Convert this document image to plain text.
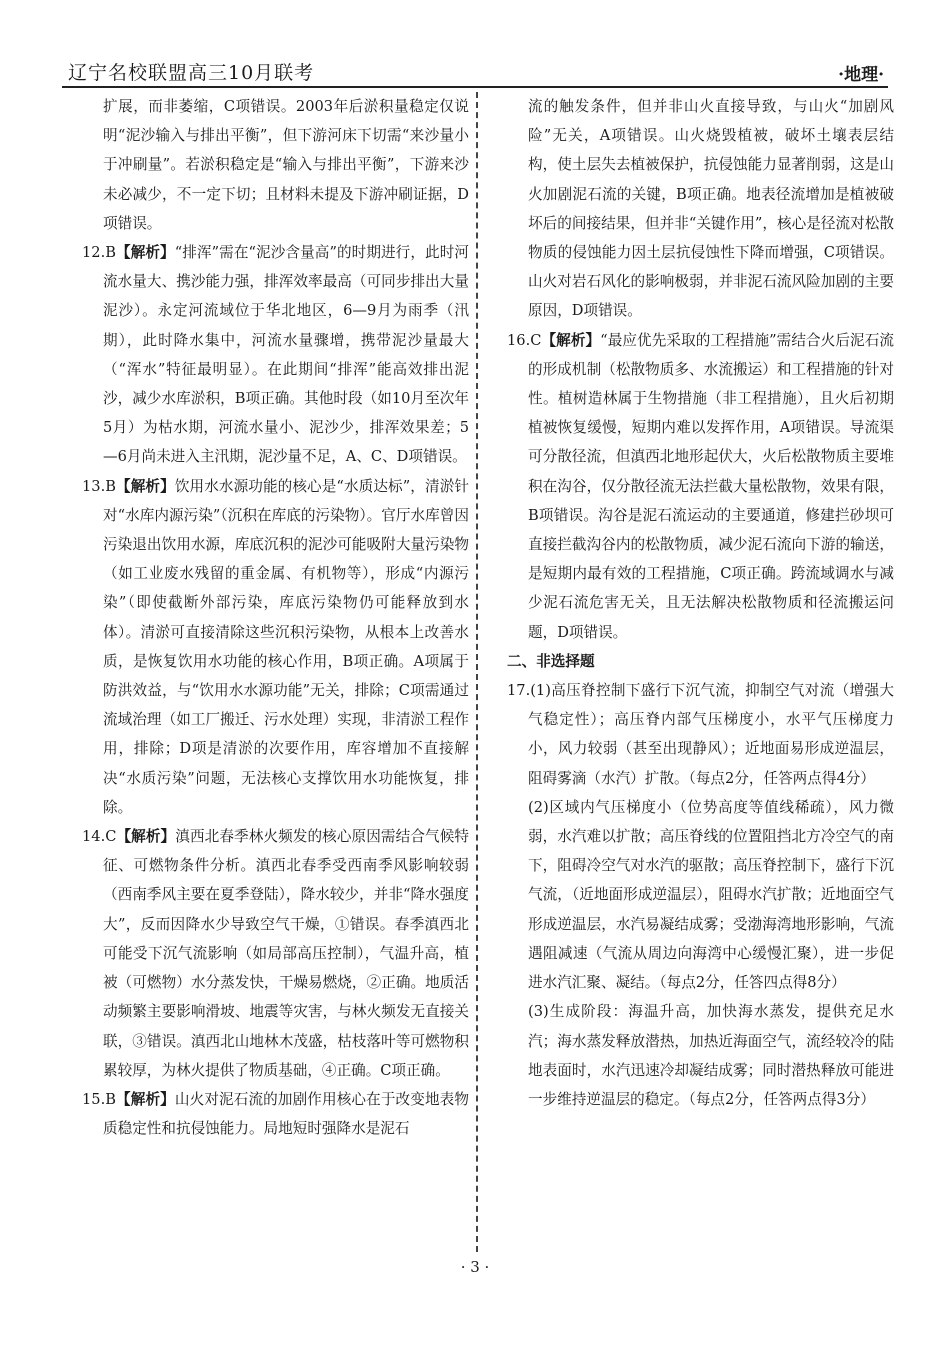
辽宁名校联盟高三10月联考	·地理·

扩展，而非萎缩，C项错误。2003年后淤积量稳定仅说明“泥沙输入与排出平衡”，但下游河床下切需“来沙量小于冲刷量”。若淤积稳定是“输入与排出平衡”，下游来沙未必减少，不一定下切；且材料未提及下游冲刷证据，D项错误。

12.B【解析】“排浑”需在“泥沙含量高”的时期进行，此时河流水量大、携沙能力强，排浑效率最高（可同步排出大量泥沙）。永定河流域位于华北地区，6—9月为雨季（汛期），此时降水集中，河流水量骤增，携带泥沙量最大（“浑水”特征最明显）。在此期间“排浑”能高效排出泥沙，减少水库淤积，B项正确。其他时段（如10月至次年5月）为枯水期，河流水量小、泥沙少，排浑效果差；5—6月尚未进入主汛期，泥沙量不足，A、C、D项错误。

13.B【解析】饮用水水源功能的核心是“水质达标”，清淤针对“水库内源污染”（沉积在库底的污染物）。官厅水库曾因污染退出饮用水源，库底沉积的泥沙可能吸附大量污染物（如工业废水残留的重金属、有机物等），形成“内源污染”（即使截断外部污染，库底污染物仍可能释放到水体）。清淤可直接清除这些沉积污染物，从根本上改善水质，是恢复饮用水功能的核心作用，B项正确。A项属于防洪效益，与“饮用水水源功能”无关，排除；C项需通过流域治理（如工厂搬迁、污水处理）实现，非清淤工程作用，排除；D项是清淤的次要作用，库容增加不直接解决“水质污染”问题，无法核心支撑饮用水功能恢复，排除。

14.C【解析】滇西北春季林火频发的核心原因需结合气候特征、可燃物条件分析。滇西北春季受西南季风影响较弱（西南季风主要在夏季登陆），降水较少，并非“降水强度大”，反而因降水少导致空气干燥，①错误。春季滇西北可能受下沉气流影响（如局部高压控制），气温升高，植被（可燃物）水分蒸发快，干燥易燃烧，②正确。地质活动频繁主要影响滑坡、地震等灾害，与林火频发无直接关联，③错误。滇西北山地林木茂盛，枯枝落叶等可燃物积累较厚，为林火提供了物质基础，④正确。C项正确。

15.B【解析】山火对泥石流的加剧作用核心在于改变地表物质稳定性和抗侵蚀能力。局地短时强降水是泥石

流的触发条件，但并非山火直接导致，与山火“加剧风险”无关，A项错误。山火烧毁植被，破坏土壤表层结构，使土层失去植被保护，抗侵蚀能力显著削弱，这是山火加剧泥石流的关键，B项正确。地表径流增加是植被破坏后的间接结果，但并非“关键作用”，核心是径流对松散物质的侵蚀能力因土层抗侵蚀性下降而增强，C项错误。山火对岩石风化的影响极弱，并非泥石流风险加剧的主要原因，D项错误。

16.C【解析】“最应优先采取的工程措施”需结合火后泥石流的形成机制（松散物质多、水流搬运）和工程措施的针对性。植树造林属于生物措施（非工程措施），且火后初期植被恢复缓慢，短期内难以发挥作用，A项错误。导流渠可分散径流，但滇西北地形起伏大，火后松散物质主要堆积在沟谷，仅分散径流无法拦截大量松散物，效果有限，B项错误。沟谷是泥石流运动的主要通道，修建拦砂坝可直接拦截沟谷内的松散物质，减少泥石流向下游的输送，是短期内最有效的工程措施，C项正确。跨流域调水与减少泥石流危害无关，且无法解决松散物质和径流搬运问题，D项错误。

二、非选择题

17.(1)高压脊控制下盛行下沉气流，抑制空气对流（增强大气稳定性）；高压脊内部气压梯度小，水平气压梯度力小，风力较弱（甚至出现静风）；近地面易形成逆温层，阻碍雾滴（水汽）扩散。（每点2分，任答两点得4分）

(2)区域内气压梯度小（位势高度等值线稀疏），风力微弱，水汽难以扩散；高压脊线的位置阻挡北方冷空气的南下，阻碍冷空气对水汽的驱散；高压脊控制下，盛行下沉气流，（近地面形成逆温层），阻碍水汽扩散；近地面空气形成逆温层，水汽易凝结成雾；受渤海湾地形影响，气流遇阻减速（气流从周边向海湾中心缓慢汇聚），进一步促进水汽汇聚、凝结。（每点2分，任答四点得8分）

(3)生成阶段：海温升高，加快海水蒸发，提供充足水汽；海水蒸发释放潜热，加热近海面空气，流经较冷的陆地表面时，水汽迅速冷却凝结成雾；同时潜热释放可能进一步维持逆温层的稳定。（每点2分，任答两点得3分）

· 3 ·
